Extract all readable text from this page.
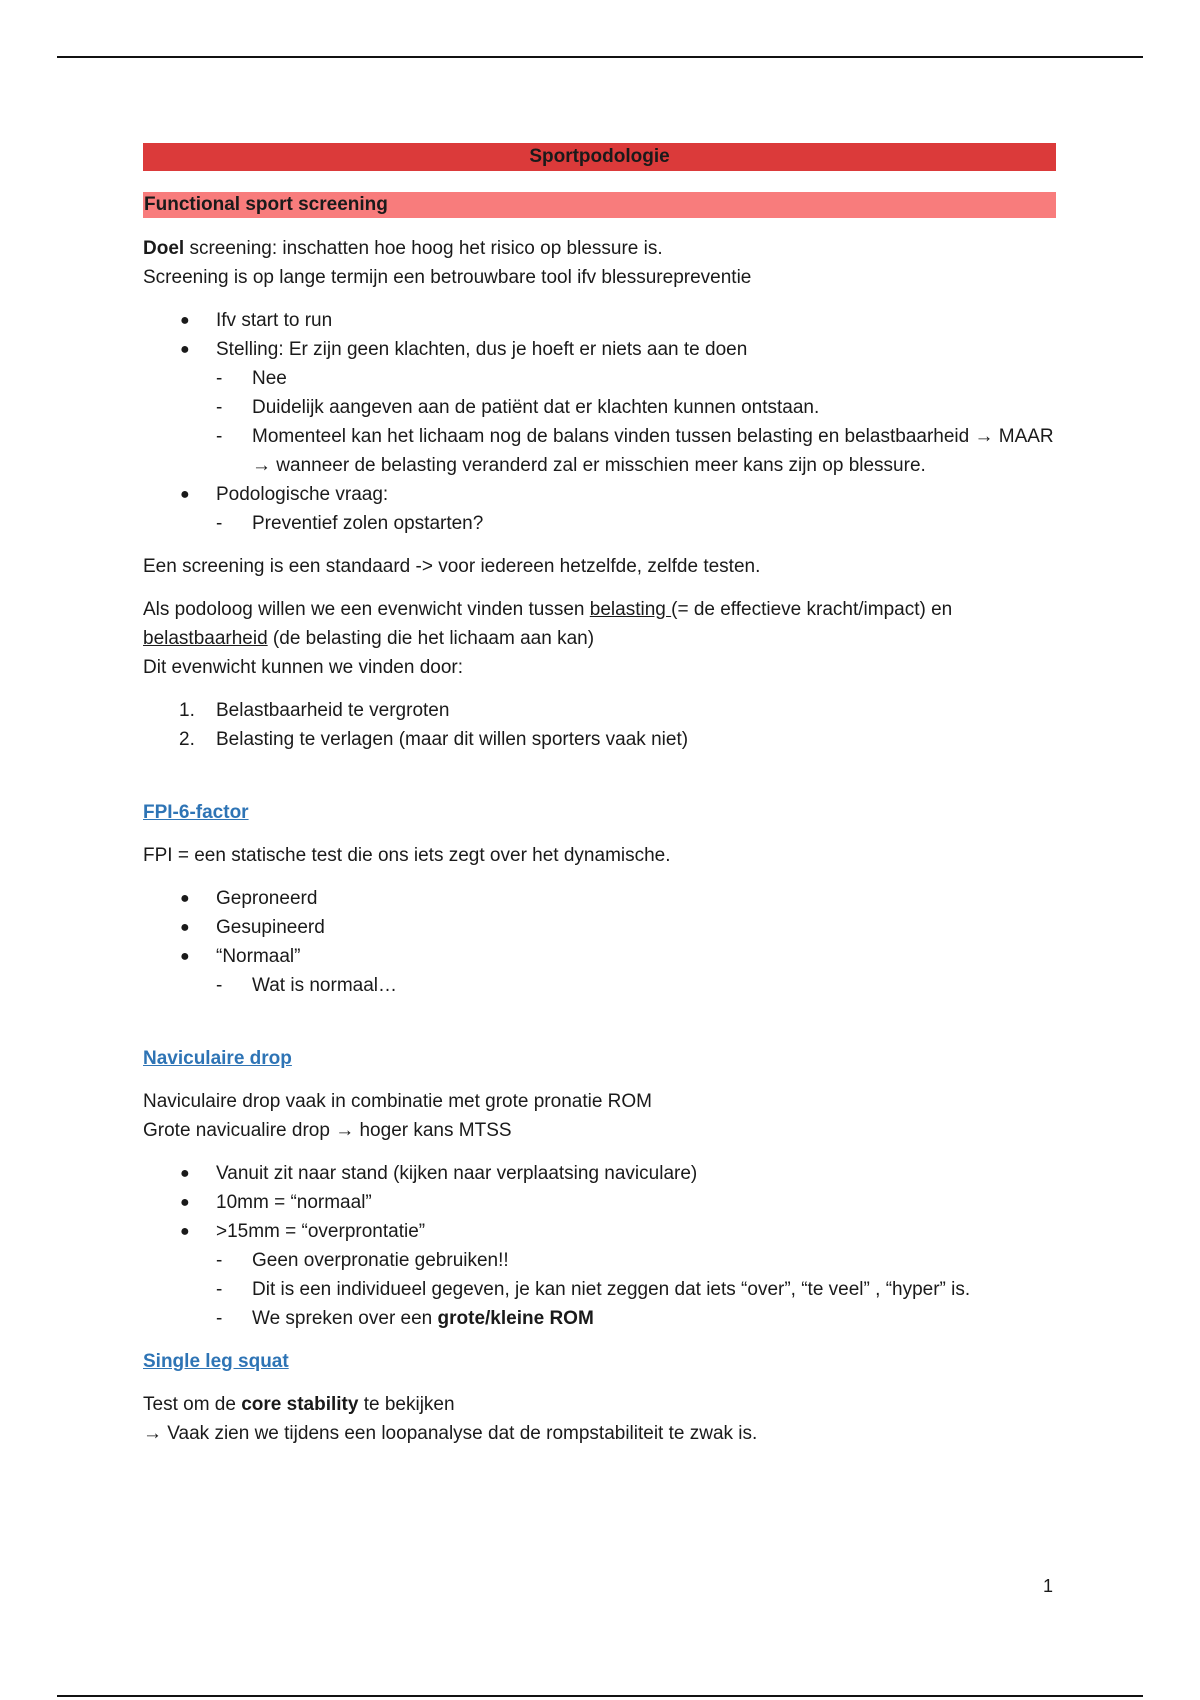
Sportpodologie
Functional sport screening

Doel screening: inschatten hoe hoog het risico op blessure is.

Screening is op lange termijn een betrouwbare tool ifv blessurepreventie

● Ifv start to run
● Stelling: Er zijn geen klachten, dus je hoeft er niets aan te doen
- Nee
- Duidelijk aangeven aan de patiënt dat er klachten kunnen ontstaan.
- Momenteel kan het lichaam nog de balans vinden tussen belasting en belastbaarheid → MAAR → wanneer de belasting veranderd zal er misschien meer kans zijn op blessure.
● Podologische vraag:
- Preventief zolen opstarten?

Een screening is een standaard -> voor iedereen hetzelfde, zelfde testen.

Als podoloog willen we een evenwicht vinden tussen belasting (= de effectieve kracht/impact) en belastbaarheid (de belasting die het lichaam aan kan)

Dit evenwicht kunnen we vinden door:

1. Belastbaarheid te vergroten
2. Belasting te verlagen (maar dit willen sporters vaak niet)
FPI-6-factor

FPI = een statische test die ons iets zegt over het dynamische.

● Geproneerd
● Gesupineerd
● “Normaal”
- Wat is normaal…
Naviculaire drop

Naviculaire drop vaak in combinatie met grote pronatie ROM

Grote navicualire drop → hoger kans MTSS

● Vanuit zit naar stand (kijken naar verplaatsing naviculare)
● 10mm = “normaal”
● >15mm = “overprontatie”
- Geen overpronatie gebruiken!!
- Dit is een individueel gegeven, je kan niet zeggen dat iets “over”, “te veel” , “hyper” is.
- We spreken over een grote/kleine ROM
Single leg squat

Test om de core stability te bekijken

→ Vaak zien we tijdens een loopanalyse dat de rompstabiliteit te zwak is.

1
